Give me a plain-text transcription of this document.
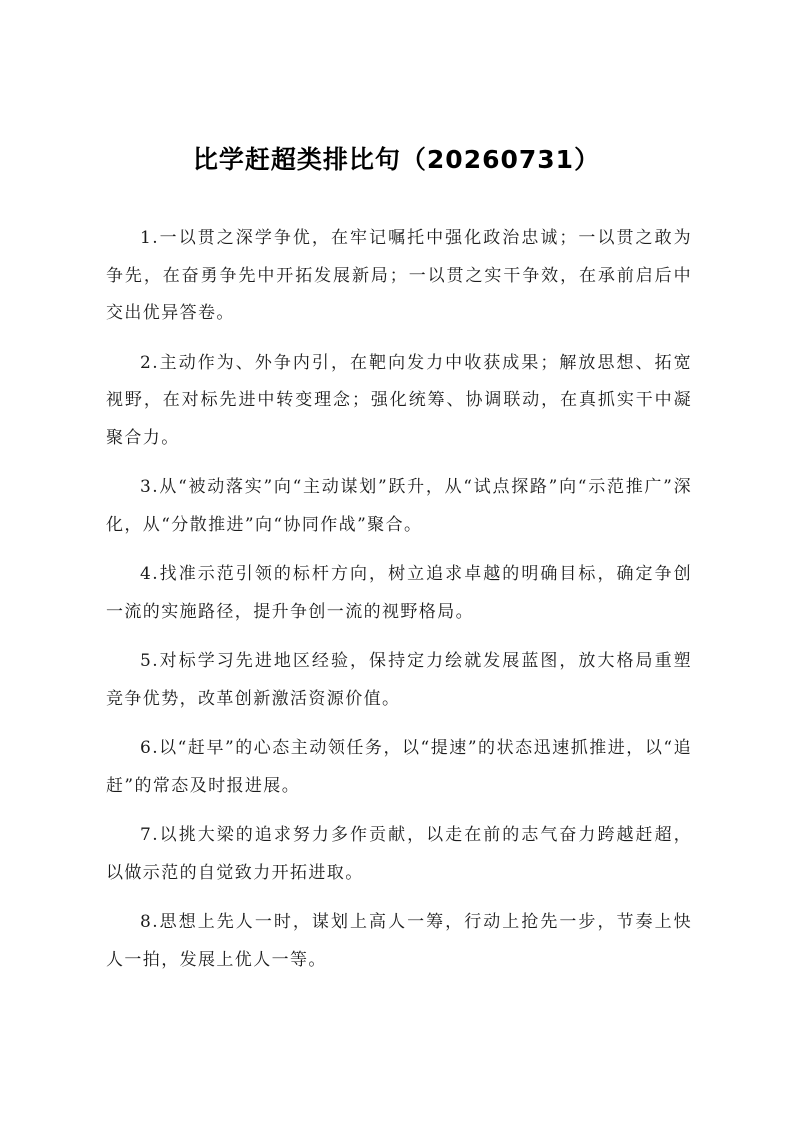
比学赶超类排比句（20260731）

1.一以贯之深学争优，在牢记嘱托中强化政治忠诚；一以贯之敢为争先，在奋勇争先中开拓发展新局；一以贯之实干争效，在承前启后中交出优异答卷。

2.主动作为、外争内引，在靶向发力中收获成果；解放思想、拓宽视野，在对标先进中转变理念；强化统筹、协调联动，在真抓实干中凝聚合力。

3.从“被动落实”向“主动谋划”跃升，从“试点探路”向“示范推广”深化，从“分散推进”向“协同作战”聚合。

4.找准示范引领的标杆方向，树立追求卓越的明确目标，确定争创一流的实施路径，提升争创一流的视野格局。

5.对标学习先进地区经验，保持定力绘就发展蓝图，放大格局重塑竞争优势，改革创新激活资源价值。

6.以“赶早”的心态主动领任务，以“提速”的状态迅速抓推进，以“追赶”的常态及时报进展。

7.以挑大梁的追求努力多作贡献，以走在前的志气奋力跨越赶超，以做示范的自觉致力开拓进取。

8.思想上先人一时，谋划上高人一筹，行动上抢先一步，节奏上快人一拍，发展上优人一等。
